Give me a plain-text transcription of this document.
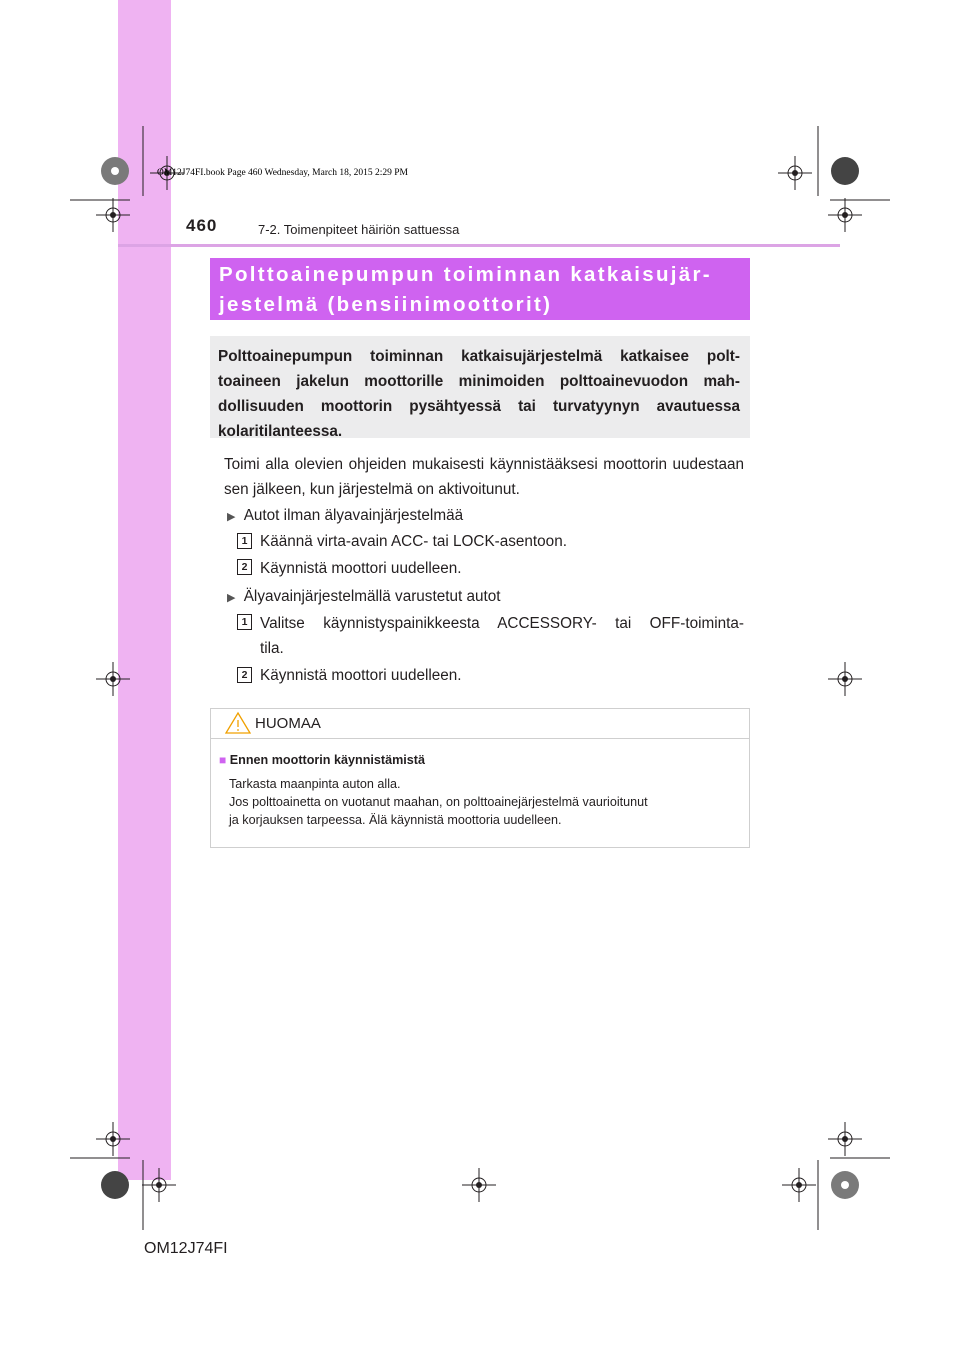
OM12J74FI.book Page 460 Wednesday, March 18, 2015 2:29 PM
460	7-2. Toimenpiteet häiriön sattuessa
Polttoainepumpun toiminnan katkaisujär-
jestelmä (bensiinimoottorit)
Polttoainepumpun toiminnan katkaisujärjestelmä katkaisee polt-
toaineen jakelun moottorille minimoiden polttoainevuodon mah-
dollisuuden moottorin pysähtyessä tai turvatyynyn avautuessa
kolaritilanteessa.
Toimi alla olevien ohjeiden mukaisesti käynnistääksesi moottorin uudestaan sen jälkeen, kun järjestelmä on aktivoitunut.
▶ Autot ilman älyavainjärjestelmää
1 Käännä virta-avain ACC- tai LOCK-asentoon.
2 Käynnistä moottori uudelleen.
▶ Älyavainjärjestelmällä varustetut autot
1 Valitse käynnistyspainikkeesta ACCESSORY- tai OFF-toiminta-
tila.
2 Käynnistä moottori uudelleen.
HUOMAA
■ Ennen moottorin käynnistämistä
Tarkasta maanpinta auton alla.
Jos polttoainetta on vuotanut maahan, on polttoainejärjestelmä vaurioitunut
ja korjauksen tarpeessa. Älä käynnistä moottoria uudelleen.
OM12J74FI
